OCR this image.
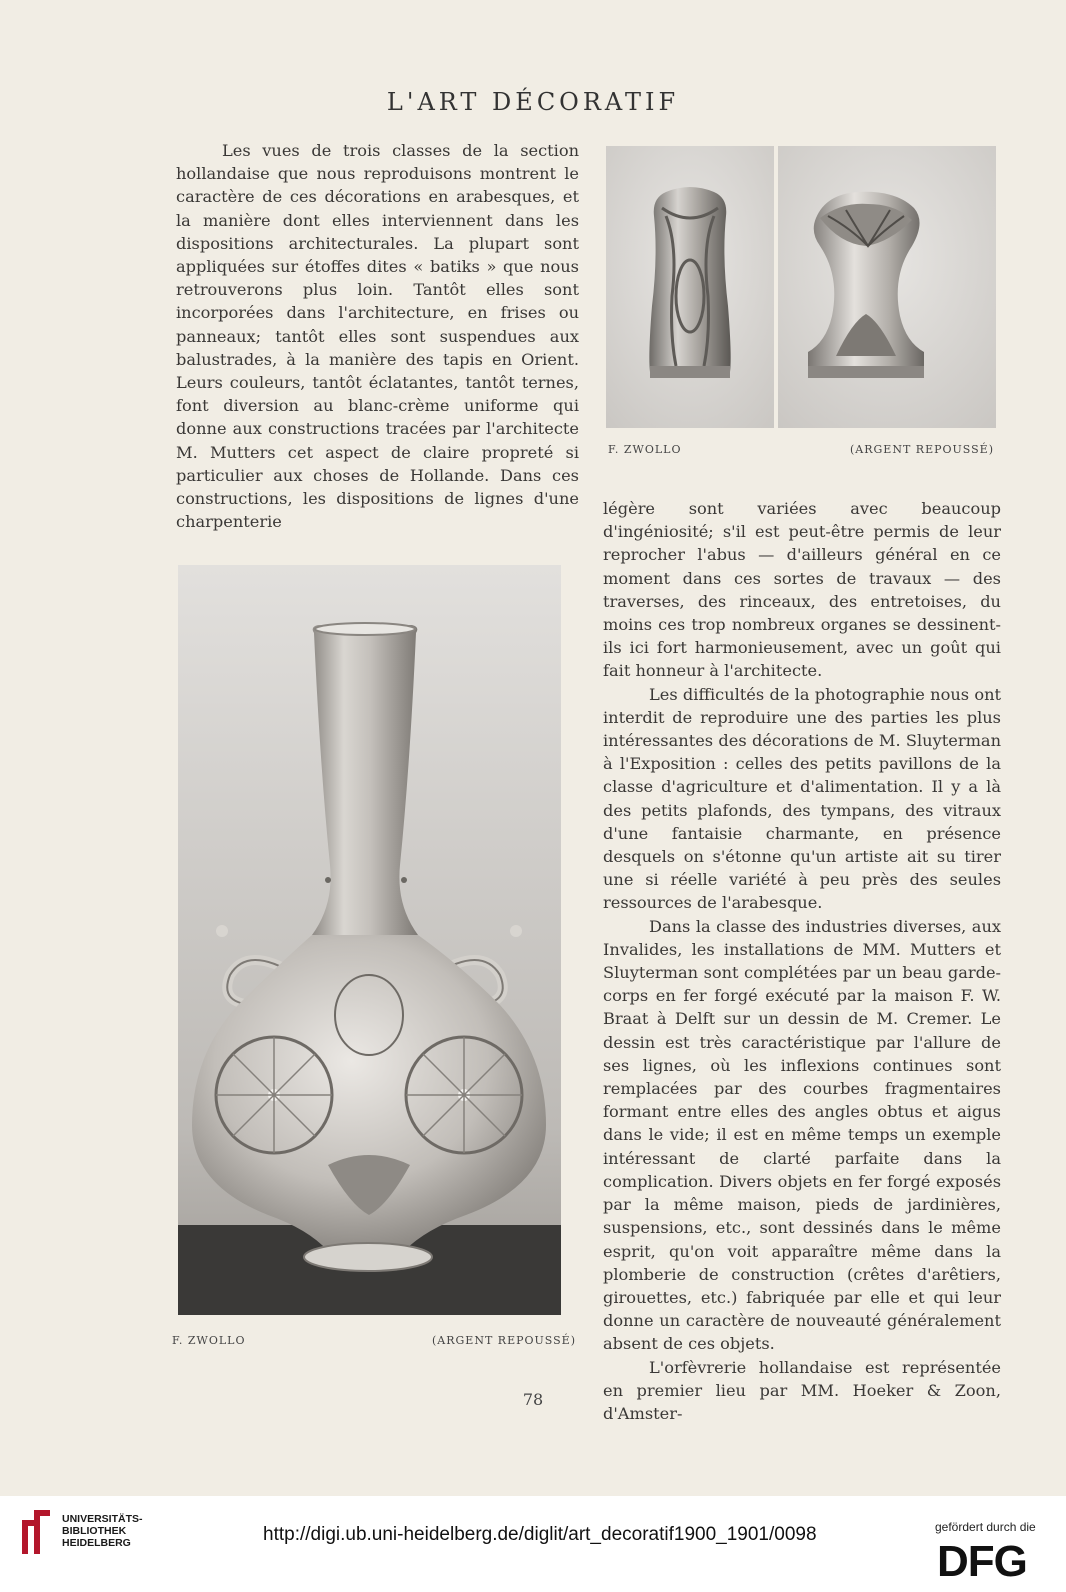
L'ART DÉCORATIF

Les vues de trois classes de la section hollandaise que nous reproduisons montrent le caractère de ces décorations en arabesques, et la manière dont elles interviennent dans les dispositions architecturales. La plupart sont appliquées sur étoffes dites « batiks » que nous retrouverons plus loin. Tantôt elles sont incorporées dans l'architecture, en frises ou panneaux; tantôt elles sont suspendues aux balustrades, à la manière des tapis en Orient. Leurs couleurs, tantôt éclatantes, tantôt ternes, font diversion au blanc-crème uniforme qui donne aux constructions tracées par l'architecte M. Mutters cet aspect de claire propreté si particulier aux choses de Hollande. Dans ces constructions, les dispositions de lignes d'une charpenterie

F. ZWOLLO	(ARGENT REPOUSSÉ)

légère sont variées avec beaucoup d'ingéniosité; s'il est peut-être permis de leur reprocher l'abus — d'ailleurs général en ce moment dans ces sortes de travaux — des traverses, des rinceaux, des entretoises, du moins ces trop nombreux organes se dessinent-ils ici fort harmonieusement, avec un goût qui fait honneur à l'architecte.

Les difficultés de la photographie nous ont interdit de reproduire une des parties les plus intéressantes des décorations de M. Sluyterman à l'Exposition : celles des petits pavillons de la classe d'agriculture et d'alimentation. Il y a là des petits plafonds, des tympans, des vitraux d'une fantaisie charmante, en présence desquels on s'étonne qu'un artiste ait su tirer une si réelle variété à peu près des seules ressources de l'arabesque.

Dans la classe des industries diverses, aux Invalides, les installations de MM. Mutters et Sluyterman sont complétées par un beau garde-corps en fer forgé exécuté par la maison F. W. Braat à Delft sur un dessin de M. Cremer. Le dessin est très caractéristique par l'allure de ses lignes, où les inflexions continues sont remplacées par des courbes fragmentaires formant entre elles des angles obtus et aigus dans le vide; il est en même temps un exemple intéressant de clarté parfaite dans la complication. Divers objets en fer forgé exposés par la même maison, pieds de jardinières, suspensions, etc., sont dessinés dans le même esprit, qu'on voit apparaître même dans la plomberie de construction (crêtes d'arêtiers, girouettes, etc.) fabriquée par elle et qui leur donne un caractère de nouveauté généralement absent de ces objets.

L'orfèvrerie hollandaise est représentée en premier lieu par MM. Hoeker & Zoon, d'Amster-

F. ZWOLLO	(ARGENT REPOUSSÉ)
78
UNIVERSITÄTS-
BIBLIOTHEK
HEIDELBERG	http://digi.ub.uni-heidelberg.de/diglit/art_decoratif1900_1901/0098	gefördert durch die
DFG
